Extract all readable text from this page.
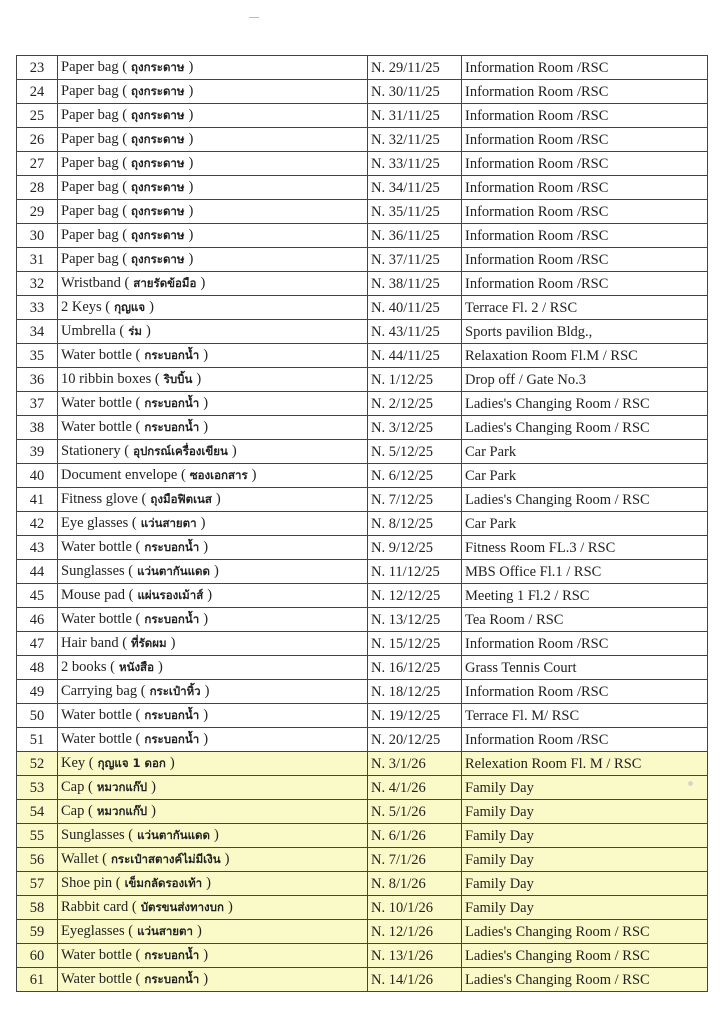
23	Paper bag ( ถุงกระดาษ )	N. 29/11/25	Information Room /RSC
24	Paper bag ( ถุงกระดาษ )	N. 30/11/25	Information Room /RSC
25	Paper bag ( ถุงกระดาษ )	N. 31/11/25	Information Room /RSC
26	Paper bag ( ถุงกระดาษ )	N. 32/11/25	Information Room /RSC
27	Paper bag ( ถุงกระดาษ )	N. 33/11/25	Information Room /RSC
28	Paper bag ( ถุงกระดาษ )	N. 34/11/25	Information Room /RSC
29	Paper bag ( ถุงกระดาษ )	N. 35/11/25	Information Room /RSC
30	Paper bag ( ถุงกระดาษ )	N. 36/11/25	Information Room /RSC
31	Paper bag ( ถุงกระดาษ )	N. 37/11/25	Information Room /RSC
32	Wristband ( สายรัดข้อมือ )	N. 38/11/25	Information Room /RSC
33	2 Keys ( กุญแจ )	N. 40/11/25	Terrace Fl. 2 / RSC
34	Umbrella ( ร่ม )	N. 43/11/25	Sports pavilion Bldg.,
35	Water bottle ( กระบอกน้ำ )	N. 44/11/25	Relaxation Room Fl.M / RSC
36	10 ribbin boxes ( ริบบิ้น )	N. 1/12/25	Drop off / Gate No.3
37	Water bottle ( กระบอกน้ำ )	N. 2/12/25	Ladies's Changing Room / RSC
38	Water bottle ( กระบอกน้ำ )	N. 3/12/25	Ladies's Changing Room / RSC
39	Stationery ( อุปกรณ์เครื่องเขียน )	N. 5/12/25	Car Park
40	Document envelope ( ซองเอกสาร )	N. 6/12/25	Car Park
41	Fitness glove ( ถุงมือฟิตเนส )	N. 7/12/25	Ladies's Changing Room / RSC
42	Eye glasses ( แว่นสายตา )	N. 8/12/25	Car Park
43	Water bottle ( กระบอกน้ำ )	N. 9/12/25	Fitness Room FL.3 / RSC
44	Sunglasses ( แว่นตากันแดด )	N. 11/12/25	MBS Office Fl.1 / RSC
45	Mouse pad ( แผ่นรองเม้าส์ )	N. 12/12/25	Meeting 1 Fl.2 / RSC
46	Water bottle ( กระบอกน้ำ )	N. 13/12/25	Tea Room / RSC
47	Hair band ( ที่รัดผม )	N. 15/12/25	Information Room /RSC
48	2 books ( หนังสือ )	N. 16/12/25	Grass Tennis Court
49	Carrying bag ( กระเป๋าหิ้ว )	N. 18/12/25	Information Room /RSC
50	Water bottle ( กระบอกน้ำ )	N. 19/12/25	Terrace Fl. M/ RSC
51	Water bottle ( กระบอกน้ำ )	N. 20/12/25	Information Room /RSC
52	Key ( กุญแจ 1 ดอก )	N. 3/1/26	Relexation Room Fl. M / RSC
53	Cap ( หมวกแก๊ป )	N. 4/1/26	Family Day
54	Cap ( หมวกแก๊ป )	N. 5/1/26	Family Day
55	Sunglasses ( แว่นตากันแดด )	N. 6/1/26	Family Day
56	Wallet ( กระเป๋าสตางค์ไม่มีเงิน )	N. 7/1/26	Family Day
57	Shoe pin ( เข็มกลัดรองเท้า )	N. 8/1/26	Family Day
58	Rabbit card ( บัตรขนส่งทางบก )	N. 10/1/26	Family Day
59	Eyeglasses ( แว่นสายตา )	N. 12/1/26	Ladies's Changing Room / RSC
60	Water bottle ( กระบอกน้ำ )	N. 13/1/26	Ladies's Changing Room / RSC
61	Water bottle ( กระบอกน้ำ )	N. 14/1/26	Ladies's Changing Room / RSC
